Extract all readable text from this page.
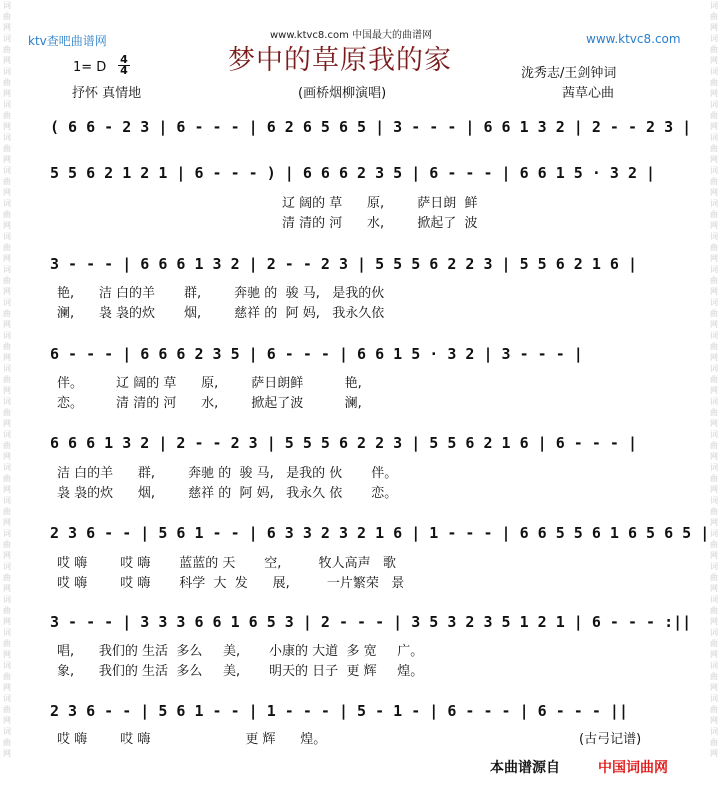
词曲网词曲网词曲网词曲网词曲网词曲网词曲网词曲网词曲网词曲网词曲网词曲网词曲网词曲网词曲网词曲网词曲网词曲网词曲网词曲网词曲网词曲网词曲网
词曲网词曲网词曲网词曲网词曲网词曲网词曲网词曲网词曲网词曲网词曲网词曲网词曲网词曲网词曲网词曲网词曲网词曲网词曲网词曲网词曲网词曲网词曲网
ktv查吧曲谱网	www.ktvc8.com 中国最大的曲谱网	www.ktvc8.com
梦中的草原我的家
1= D
4
4
抒怀 真情地	(画桥烟柳演唱)
泷秀志/王剑钟词
茜草心曲
( 6 6 - 2 3 | 6 - - - | 6 2 6 5 6 5 | 3 - - - | 6 6 1 3 2 | 2 - - 2 3 |
5 5 6 2 1 2 1 | 6 - - - ) | 6 6 6 2 3 5 | 6 - - - | 6 6 1 5 · 3 2 |
辽 阔的 草      原,        萨日朗  鲜
清 清的 河      水,        掀起了  波
3 - - - | 6 6 6 1 3 2 | 2 - - 2 3 | 5 5 5 6 2 2 3 | 5 5 6 2 1 6 |
艳,      洁 白的羊       群,        奔驰 的  骏 马,   是我的伙
澜,      袅 袅的炊       烟,        慈祥 的  阿 妈,   我永久依
6 - - - | 6 6 6 2 3 5 | 6 - - - | 6 6 1 5 · 3 2 | 3 - - - |
伴。        辽 阔的 草      原,        萨日朗鲜          艳,
恋。        清 清的 河      水,        掀起了波          澜,
6 6 6 1 3 2 | 2 - - 2 3 | 5 5 5 6 2 2 3 | 5 5 6 2 1 6 | 6 - - - |
洁 白的羊      群,        奔驰 的  骏 马,   是我的 伙       伴。
袅 袅的炊      烟,        慈祥 的  阿 妈,   我永久 依       恋。
2 3 6 - - | 5 6 1 - - | 6 3 3 2 3 2 1 6 | 1 - - - | 6 6 5 5 6 1 6 5 6 5 |
哎 嗨        哎 嗨       蓝蓝的 天       空,         牧人高声   歌
哎 嗨        哎 嗨       科学  大  发      展,         一片繁荣   景
3 - - - | 3 3 3 6 6 1 6 5 3 | 2 - - - | 3 5 3 2 3 5 1 2 1 | 6 - - - :||
唱,      我们的 生活  多么     美,       小康的 大道  多 宽     广。
象,      我们的 生活  多么     美,       明天的 日子  更 辉     煌。
2 3 6 - - | 5 6 1 - - | 1 - - - | 5 - 1 - | 6 - - - | 6 - - - ||
哎 嗨        哎 嗨                       更 辉      煌。	(古弓记谱)
本曲谱源自	中国词曲网
